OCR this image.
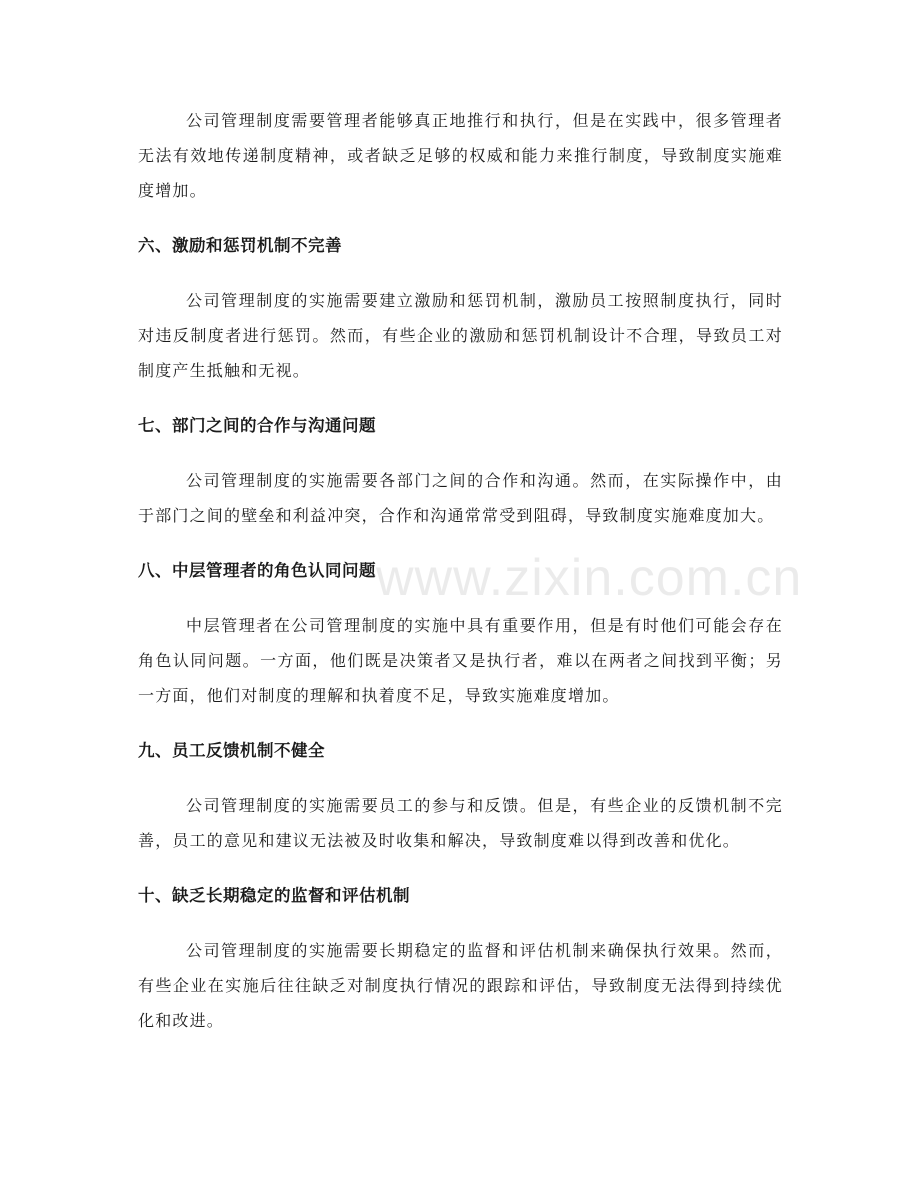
www.zixin.com.cn

公司管理制度需要管理者能够真正地推行和执行，但是在实践中，很多管理者无法有效地传递制度精神，或者缺乏足够的权威和能力来推行制度，导致制度实施难度增加。

六、激励和惩罚机制不完善

公司管理制度的实施需要建立激励和惩罚机制，激励员工按照制度执行，同时对违反制度者进行惩罚。然而，有些企业的激励和惩罚机制设计不合理，导致员工对制度产生抵触和无视。

七、部门之间的合作与沟通问题

公司管理制度的实施需要各部门之间的合作和沟通。然而，在实际操作中，由于部门之间的壁垒和利益冲突，合作和沟通常常受到阻碍，导致制度实施难度加大。

八、中层管理者的角色认同问题

中层管理者在公司管理制度的实施中具有重要作用，但是有时他们可能会存在角色认同问题。一方面，他们既是决策者又是执行者，难以在两者之间找到平衡；另一方面，他们对制度的理解和执着度不足，导致实施难度增加。

九、员工反馈机制不健全

公司管理制度的实施需要员工的参与和反馈。但是，有些企业的反馈机制不完善，员工的意见和建议无法被及时收集和解决，导致制度难以得到改善和优化。

十、缺乏长期稳定的监督和评估机制

公司管理制度的实施需要长期稳定的监督和评估机制来确保执行效果。然而，有些企业在实施后往往缺乏对制度执行情况的跟踪和评估，导致制度无法得到持续优化和改进。
